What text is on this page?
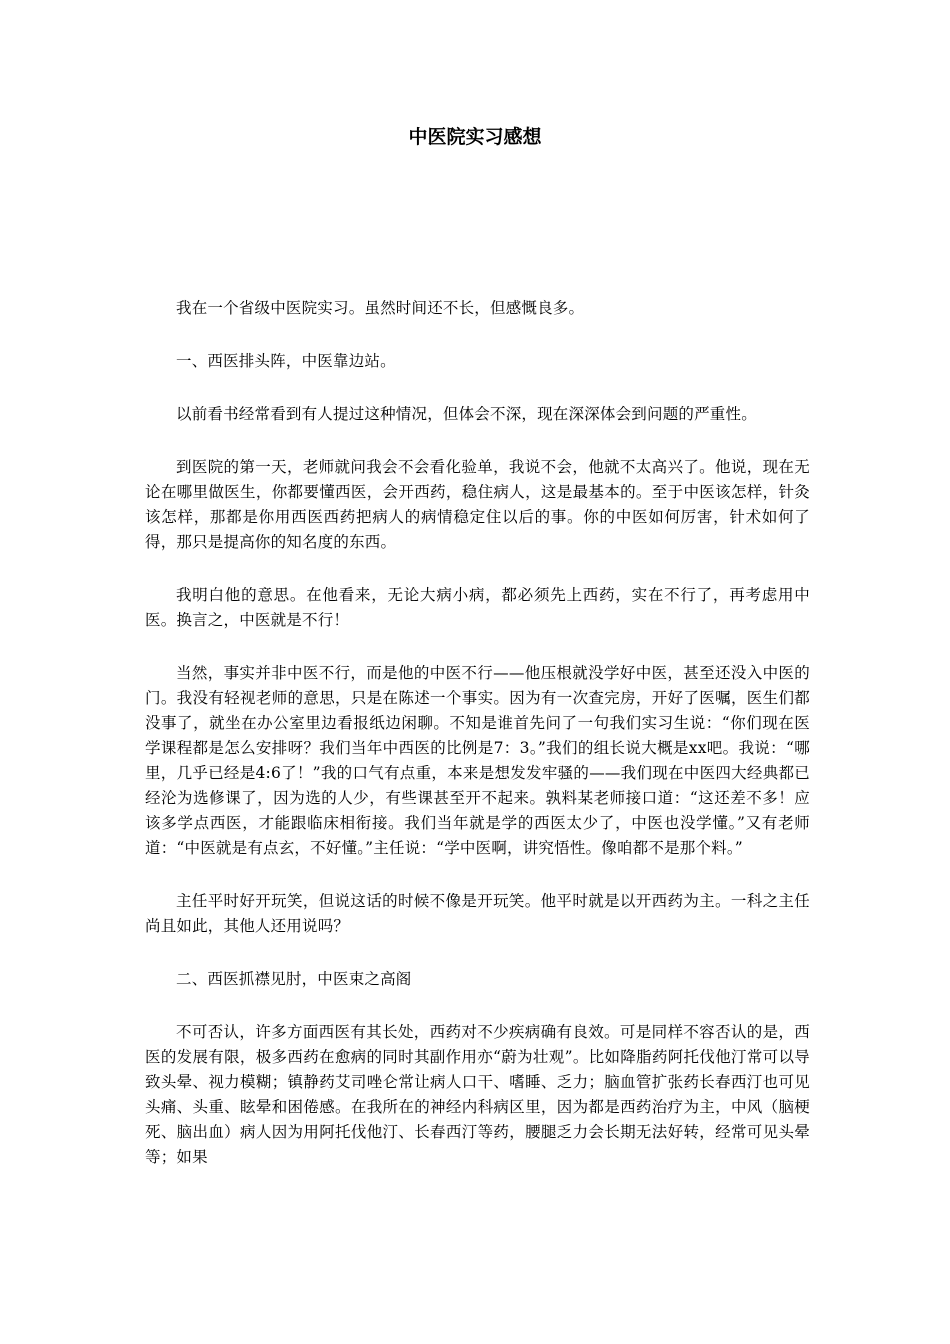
中医院实习感想

我在一个省级中医院实习。虽然时间还不长，但感慨良多。

一、西医排头阵，中医靠边站。

以前看书经常看到有人提过这种情况，但体会不深，现在深深体会到问题的严重性。

到医院的第一天，老师就问我会不会看化验单，我说不会，他就不太高兴了。他说，现在无论在哪里做医生，你都要懂西医，会开西药，稳住病人，这是最基本的。至于中医该怎样，针灸该怎样，那都是你用西医西药把病人的病情稳定住以后的事。你的中医如何厉害，针术如何了得，那只是提高你的知名度的东西。

我明白他的意思。在他看来，无论大病小病，都必须先上西药，实在不行了，再考虑用中医。换言之，中医就是不行！

当然，事实并非中医不行，而是他的中医不行——他压根就没学好中医，甚至还没入中医的门。我没有轻视老师的意思，只是在陈述一个事实。因为有一次查完房，开好了医嘱，医生们都没事了，就坐在办公室里边看报纸边闲聊。不知是谁首先问了一句我们实习生说：“你们现在医学课程都是怎么安排呀？我们当年中西医的比例是7：3。”我们的组长说大概是xx吧。我说：“哪里，几乎已经是4:6了！”我的口气有点重，本来是想发发牢骚的——我们现在中医四大经典都已经沦为选修课了，因为选的人少，有些课甚至开不起来。孰料某老师接口道：“这还差不多！应该多学点西医，才能跟临床相衔接。我们当年就是学的西医太少了，中医也没学懂。”又有老师道：“中医就是有点玄，不好懂。”主任说：“学中医啊，讲究悟性。像咱都不是那个料。”

主任平时好开玩笑，但说这话的时候不像是开玩笑。他平时就是以开西药为主。一科之主任尚且如此，其他人还用说吗？

二、西医抓襟见肘，中医束之高阁

不可否认，许多方面西医有其长处，西药对不少疾病确有良效。可是同样不容否认的是，西医的发展有限，极多西药在愈病的同时其副作用亦“蔚为壮观”。比如降脂药阿托伐他汀常可以导致头晕、视力模糊；镇静药艾司唑仑常让病人口干、嗜睡、乏力；脑血管扩张药长春西汀也可见头痛、头重、眩晕和困倦感。在我所在的神经内科病区里，因为都是西药治疗为主，中风（脑梗死、脑出血）病人因为用阿托伐他汀、长春西汀等药，腰腿乏力会长期无法好转，经常可见头晕等；如果
